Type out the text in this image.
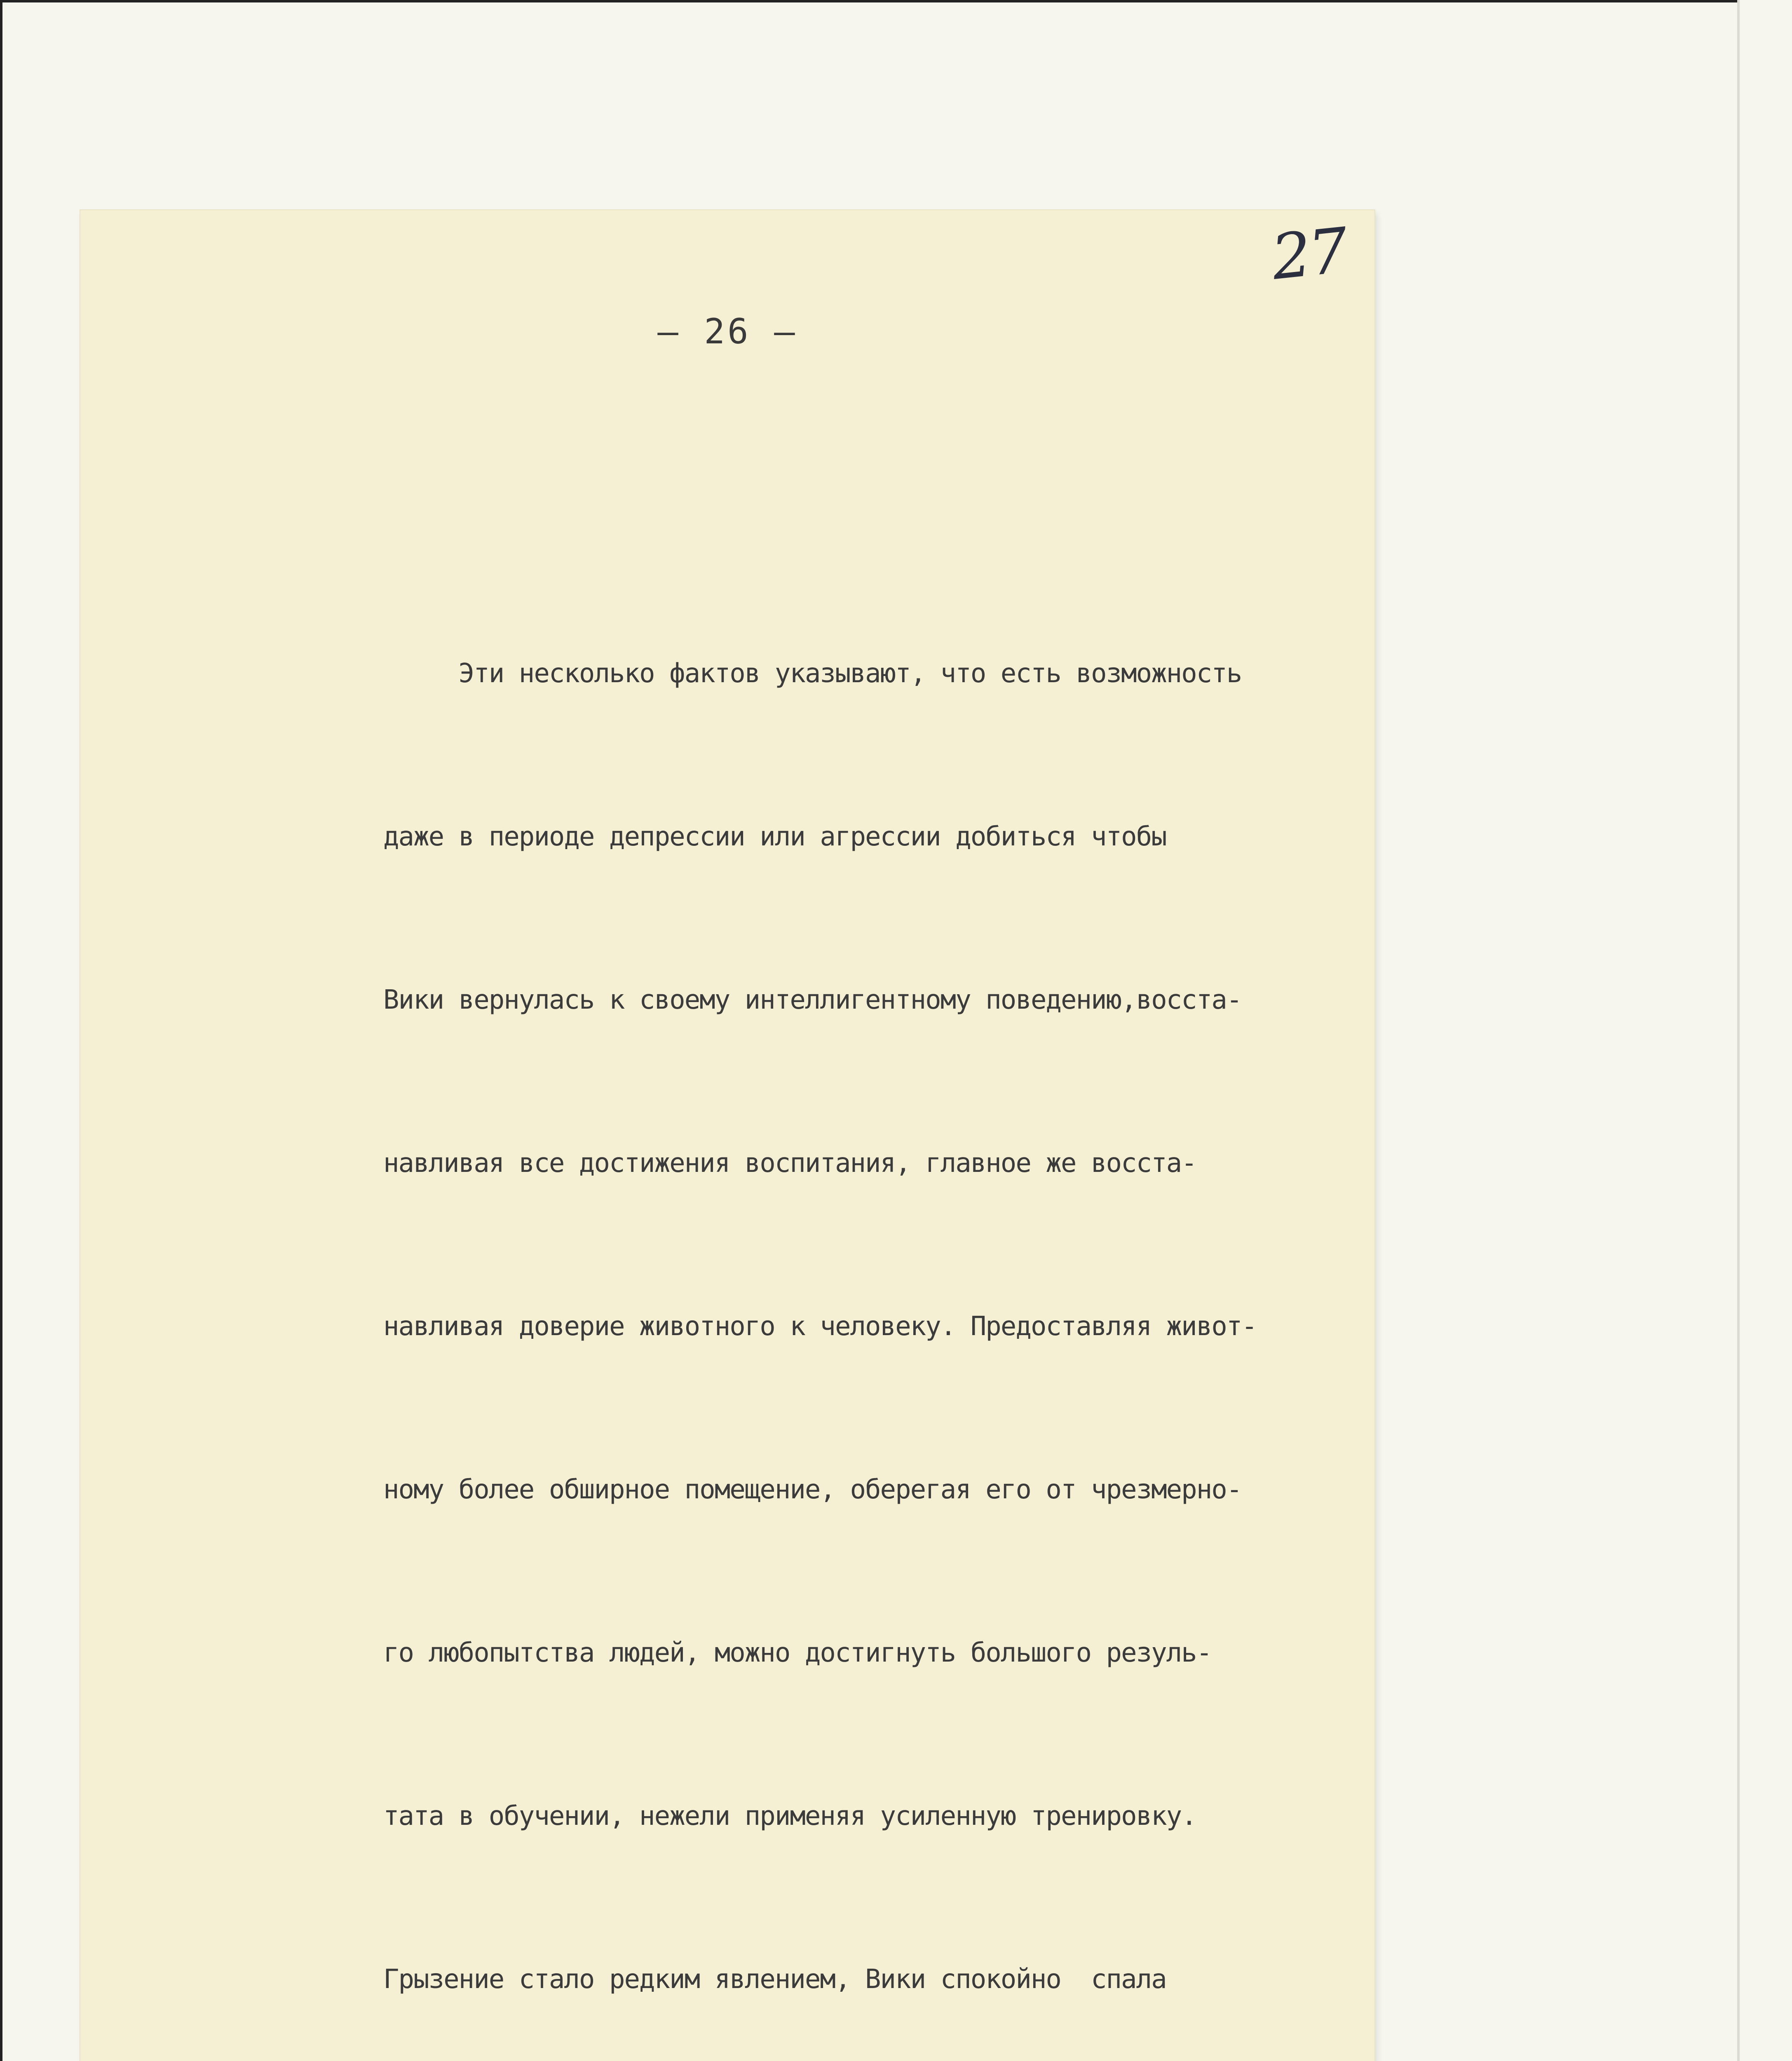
27
– 26 –

Эти несколько фактов указывают, что есть возможность

даже в периоде депрессии или агрессии добиться чтобы

Вики вернулась к своему интеллигентному поведению,восста-

навливая все достижения воспитания, главное же восста-

навливая доверие животного к человеку. Предоставляя живот-

ному более обширное помещение, оберегая его от чрезмерно-

го любопытства людей, можно достигнуть большого резуль-

тата в обучении, нежели применяя усиленную тренировку.

Грызение стало редким явлением, Вики спокойно  спала
